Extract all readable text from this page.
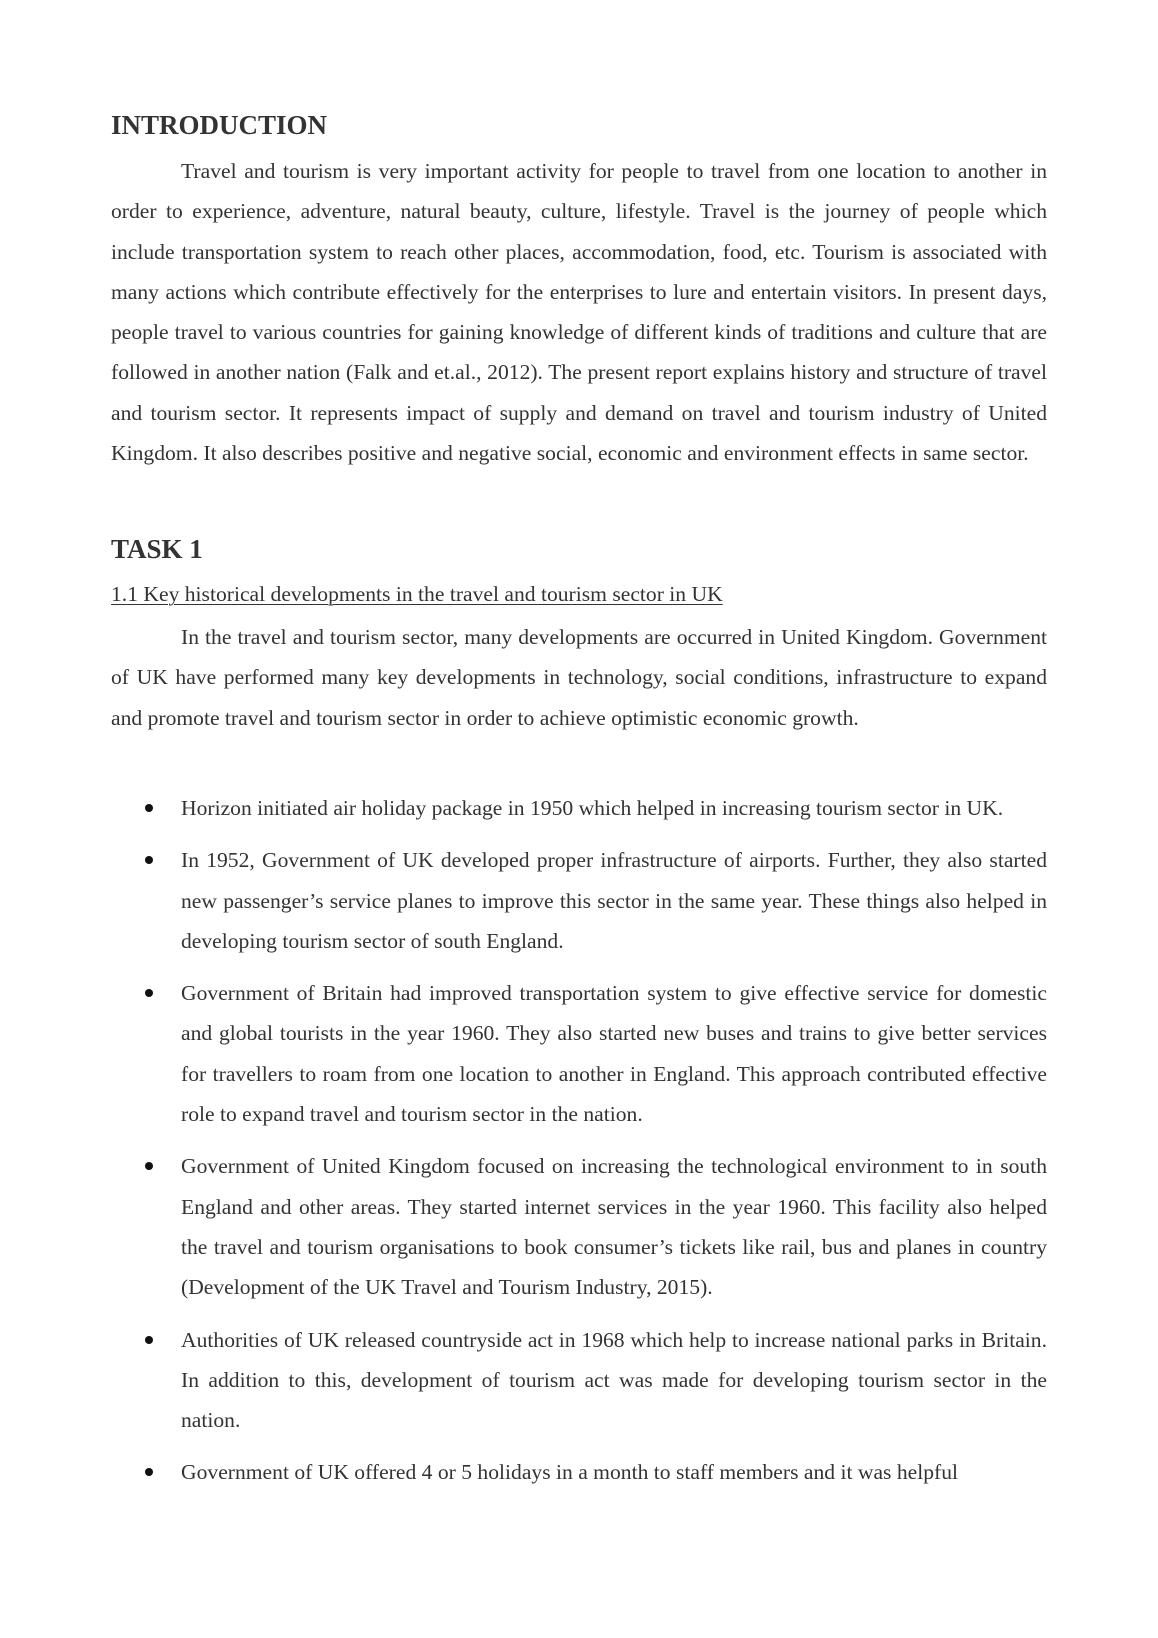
INTRODUCTION

Travel and tourism is very important activity for people to travel from one location to another in order to experience, adventure, natural beauty, culture, lifestyle. Travel is the journey of people which include transportation system to reach other places, accommodation, food, etc. Tourism is associated with many actions which contribute effectively for the enterprises to lure and entertain visitors. In present days, people travel to various countries for gaining knowledge of different kinds of traditions and culture that are followed in another nation (Falk and et.al., 2012). The present report explains history and structure of travel and tourism sector. It represents impact of supply and demand on travel and tourism industry of United Kingdom. It also describes positive and negative social, economic and environment effects in same sector.

TASK 1
1.1 Key historical developments in the travel and tourism sector in UK

In the travel and tourism sector, many developments are occurred in United Kingdom. Government of UK have performed many key developments in technology, social conditions, infrastructure to expand and promote travel and tourism sector in order to achieve optimistic economic growth.

Horizon initiated air holiday package in 1950 which helped in increasing tourism sector in UK.
In 1952, Government of UK developed proper infrastructure of airports. Further, they also started new passenger’s service planes to improve this sector in the same year. These things also helped in developing tourism sector of south England.
Government of Britain had improved transportation system to give effective service for domestic and global tourists in the year 1960. They also started new buses and trains to give better services for travellers to roam from one location to another in England. This approach contributed effective role to expand travel and tourism sector in the nation.
Government of United Kingdom focused on increasing the technological environment to in south England and other areas. They started internet services in the year 1960. This facility also helped the travel and tourism organisations to book consumer’s tickets like rail, bus and planes in country (Development of the UK Travel and Tourism Industry, 2015).
Authorities of UK released countryside act in 1968 which help to increase national parks in Britain. In addition to this, development of tourism act was made for developing tourism sector in the nation.
Government of UK offered 4 or 5 holidays in a month to staff members and it was helpful
